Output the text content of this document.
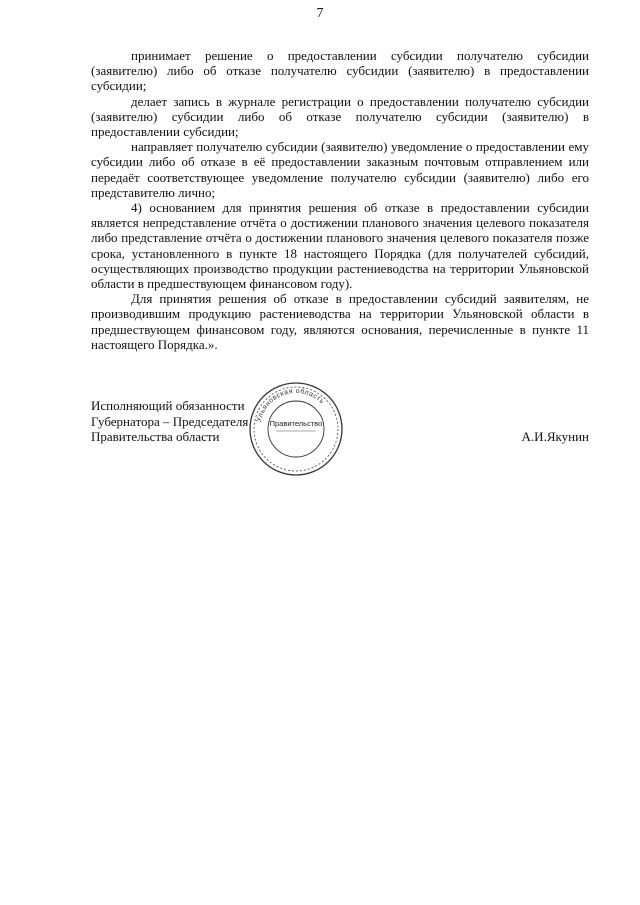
7

принимает решение о предоставлении субсидии получателю субсидии (заявителю) либо об отказе получателю субсидии (заявителю) в предоставлении субсидии;

делает запись в журнале регистрации о предоставлении получателю субсидии (заявителю) субсидии либо об отказе получателю субсидии (заявителю) в предоставлении субсидии;

направляет получателю субсидии (заявителю) уведомление о предоставлении ему субсидии либо об отказе в её предоставлении заказным почтовым отправлением или передаёт соответствующее уведомление получателю субсидии (заявителю) либо его представителю лично;

4) основанием для принятия решения об отказе в предоставлении субсидии является непредставление отчёта о достижении планового значения целевого показателя либо представление отчёта о достижении планового значения целевого показателя позже срока, установленного в пункте 18 настоящего Порядка (для получателей субсидий, осуществляющих производство продукции растениеводства на территории Ульяновской области в предшествующем финансовом году).

Для принятия решения об отказе в предоставлении субсидий заявителям, не производившим продукцию растениеводства на территории Ульяновской области в предшествующем финансовом году, являются основания, перечисленные в пункте 11 настоящего Порядка.».

Исполняющий обязанности
Губернатора – Председателя
Правительства области	А.И.Якунин
Ульяновская область
Правительство
